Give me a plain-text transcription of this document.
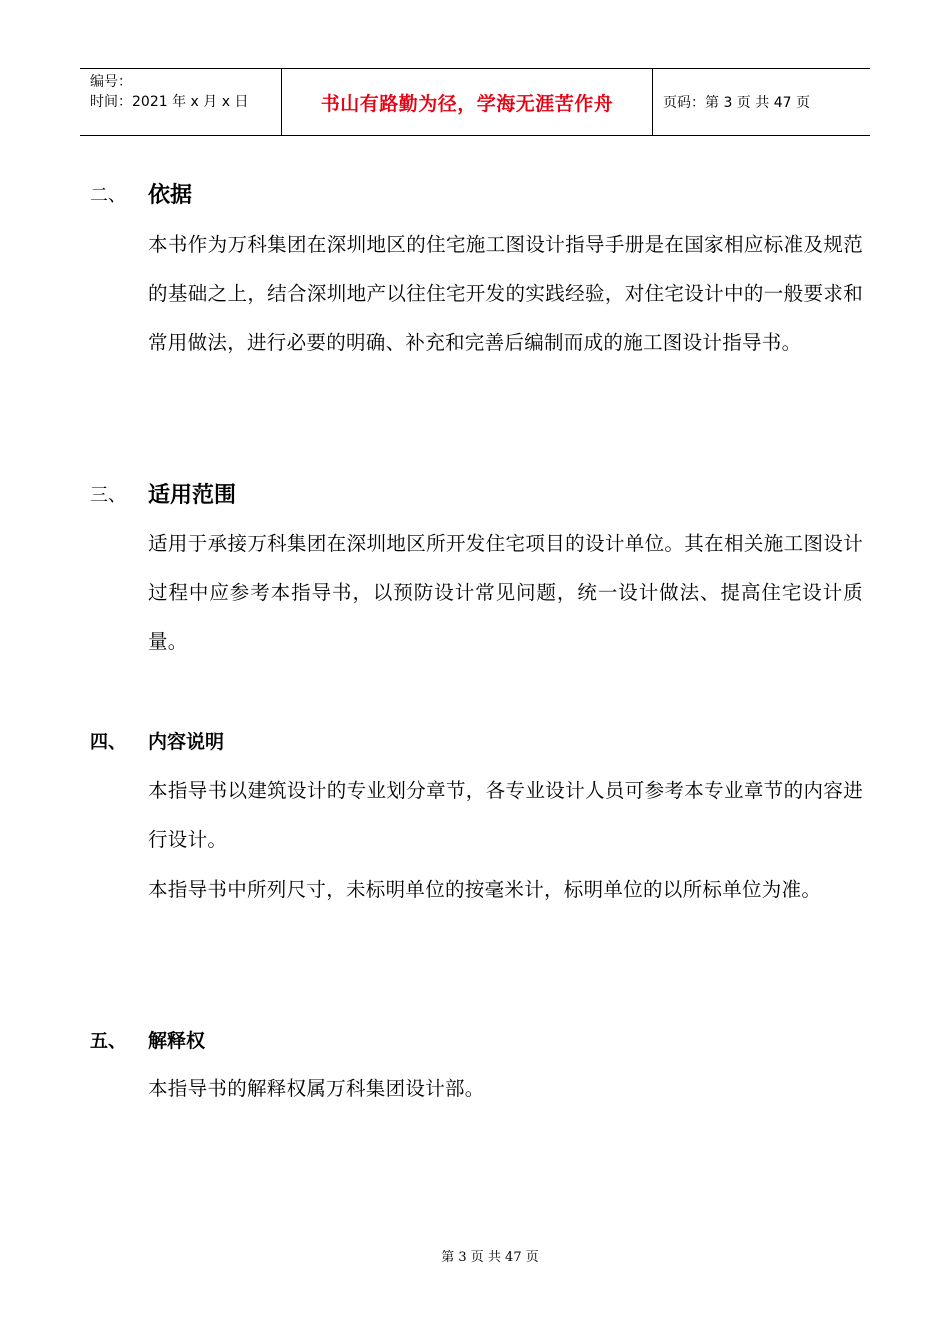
编号：
时间：2021 年 x 月 x 日	书山有路勤为径，学海无涯苦作舟	页码：第 3 页 共 47 页
二、	依据
本书作为万科集团在深圳地区的住宅施工图设计指导手册是在国家相应标准及规范的基础之上，结合深圳地产以往住宅开发的实践经验，对住宅设计中的一般要求和常用做法，进行必要的明确、补充和完善后编制而成的施工图设计指导书。
三、	适用范围
适用于承接万科集团在深圳地区所开发住宅项目的设计单位。其在相关施工图设计过程中应参考本指导书，以预防设计常见问题，统一设计做法、提高住宅设计质量。
四、	内容说明
本指导书以建筑设计的专业划分章节，各专业设计人员可参考本专业章节的内容进行设计。
本指导书中所列尺寸，未标明单位的按毫米计，标明单位的以所标单位为准。
五、	解释权
本指导书的解释权属万科集团设计部。
第 3 页 共 47 页
